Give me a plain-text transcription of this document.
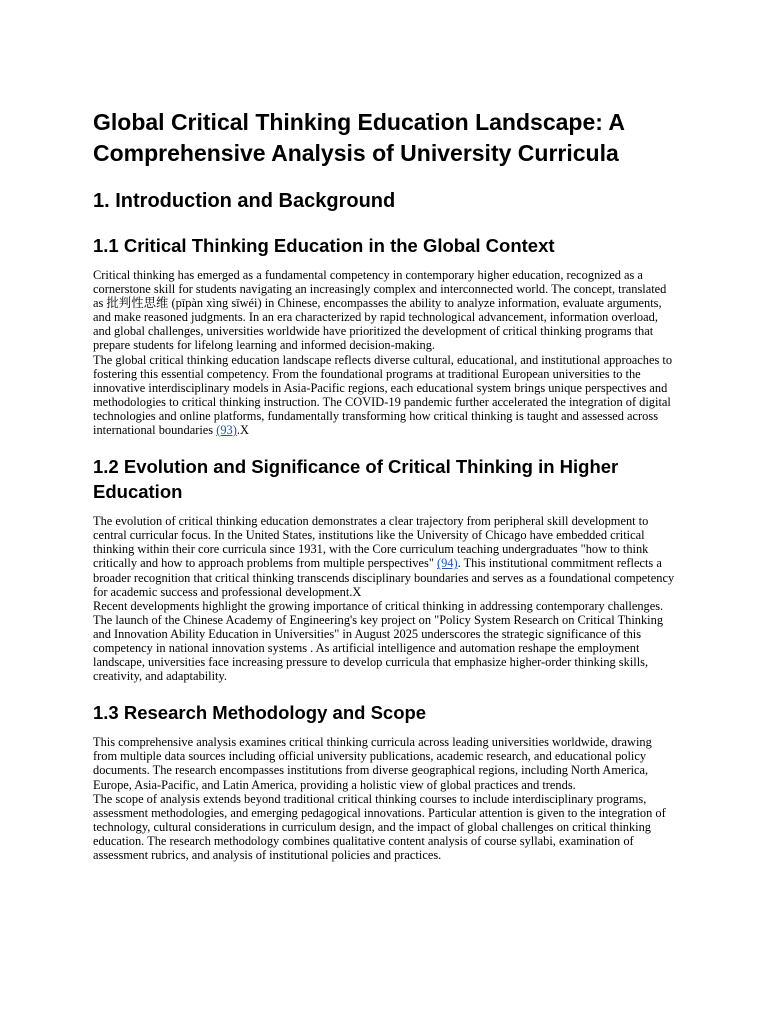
Global Critical Thinking Education Landscape: A Comprehensive Analysis of University Curricula
1. Introduction and Background
1.1 Critical Thinking Education in the Global Context

Critical thinking has emerged as a fundamental competency in contemporary higher education, recognized as a cornerstone skill for students navigating an increasingly complex and interconnected world. The concept, translated as 批判性思维 (pīpàn xìng sīwéi) in Chinese, encompasses the ability to analyze information, evaluate arguments, and make reasoned judgments. In an era characterized by rapid technological advancement, information overload, and global challenges, universities worldwide have prioritized the development of critical thinking programs that prepare students for lifelong learning and informed decision-making.

The global critical thinking education landscape reflects diverse cultural, educational, and institutional approaches to fostering this essential competency. From the foundational programs at traditional European universities to the innovative interdisciplinary models in Asia-Pacific regions, each educational system brings unique perspectives and methodologies to critical thinking instruction. The COVID-19 pandemic further accelerated the integration of digital technologies and online platforms, fundamentally transforming how critical thinking is taught and assessed across international boundaries (93).X

1.2 Evolution and Significance of Critical Thinking in Higher Education

The evolution of critical thinking education demonstrates a clear trajectory from peripheral skill development to central curricular focus. In the United States, institutions like the University of Chicago have embedded critical thinking within their core curricula since 1931, with the Core curriculum teaching undergraduates "how to think critically and how to approach problems from multiple perspectives" (94). This institutional commitment reflects a broader recognition that critical thinking transcends disciplinary boundaries and serves as a foundational competency for academic success and professional development.X

Recent developments highlight the growing importance of critical thinking in addressing contemporary challenges. The launch of the Chinese Academy of Engineering's key project on "Policy System Research on Critical Thinking and Innovation Ability Education in Universities" in August 2025 underscores the strategic significance of this competency in national innovation systems . As artificial intelligence and automation reshape the employment landscape, universities face increasing pressure to develop curricula that emphasize higher-order thinking skills, creativity, and adaptability.

1.3 Research Methodology and Scope

This comprehensive analysis examines critical thinking curricula across leading universities worldwide, drawing from multiple data sources including official university publications, academic research, and educational policy documents. The research encompasses institutions from diverse geographical regions, including North America, Europe, Asia-Pacific, and Latin America, providing a holistic view of global practices and trends.

The scope of analysis extends beyond traditional critical thinking courses to include interdisciplinary programs, assessment methodologies, and emerging pedagogical innovations. Particular attention is given to the integration of technology, cultural considerations in curriculum design, and the impact of global challenges on critical thinking education. The research methodology combines qualitative content analysis of course syllabi, examination of assessment rubrics, and analysis of institutional policies and practices.
